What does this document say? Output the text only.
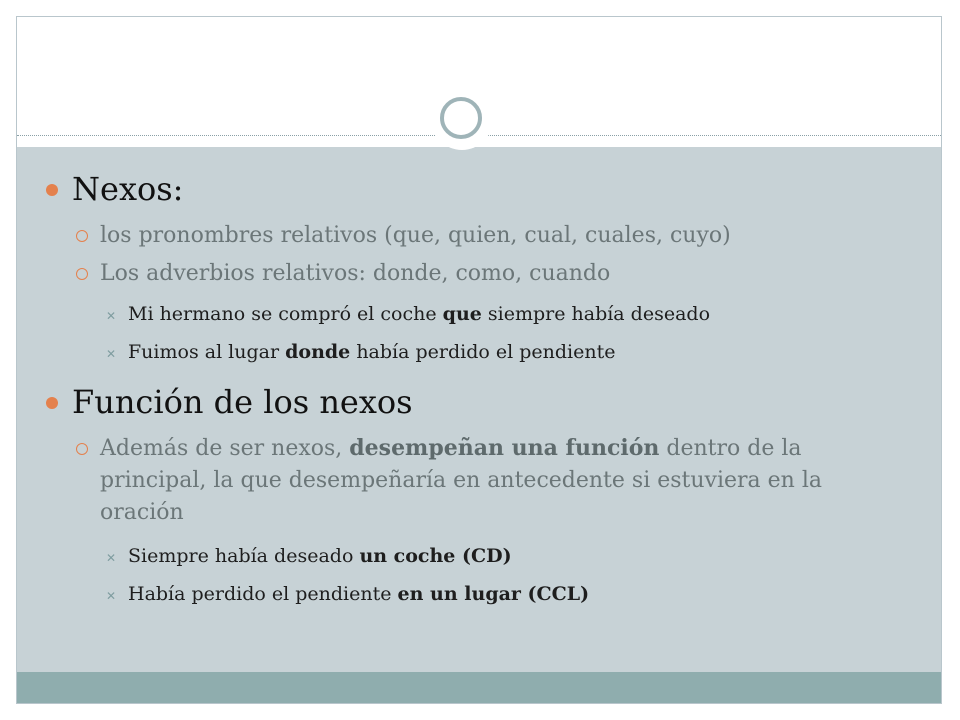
Nexos:
los pronombres relativos (que, quien, cual, cuales, cuyo)
Los adverbios relativos: donde, como, cuando
✕ Mi hermano se compró el coche que siempre había deseado
✕ Fuimos al lugar donde había perdido el pendiente
Función de los nexos
Además de ser nexos, desempeñan una función dentro de la principal, la que desempeñaría en antecedente si estuviera en la oración
✕ Siempre había deseado un coche (CD)
✕ Había perdido el pendiente en un lugar (CCL)
